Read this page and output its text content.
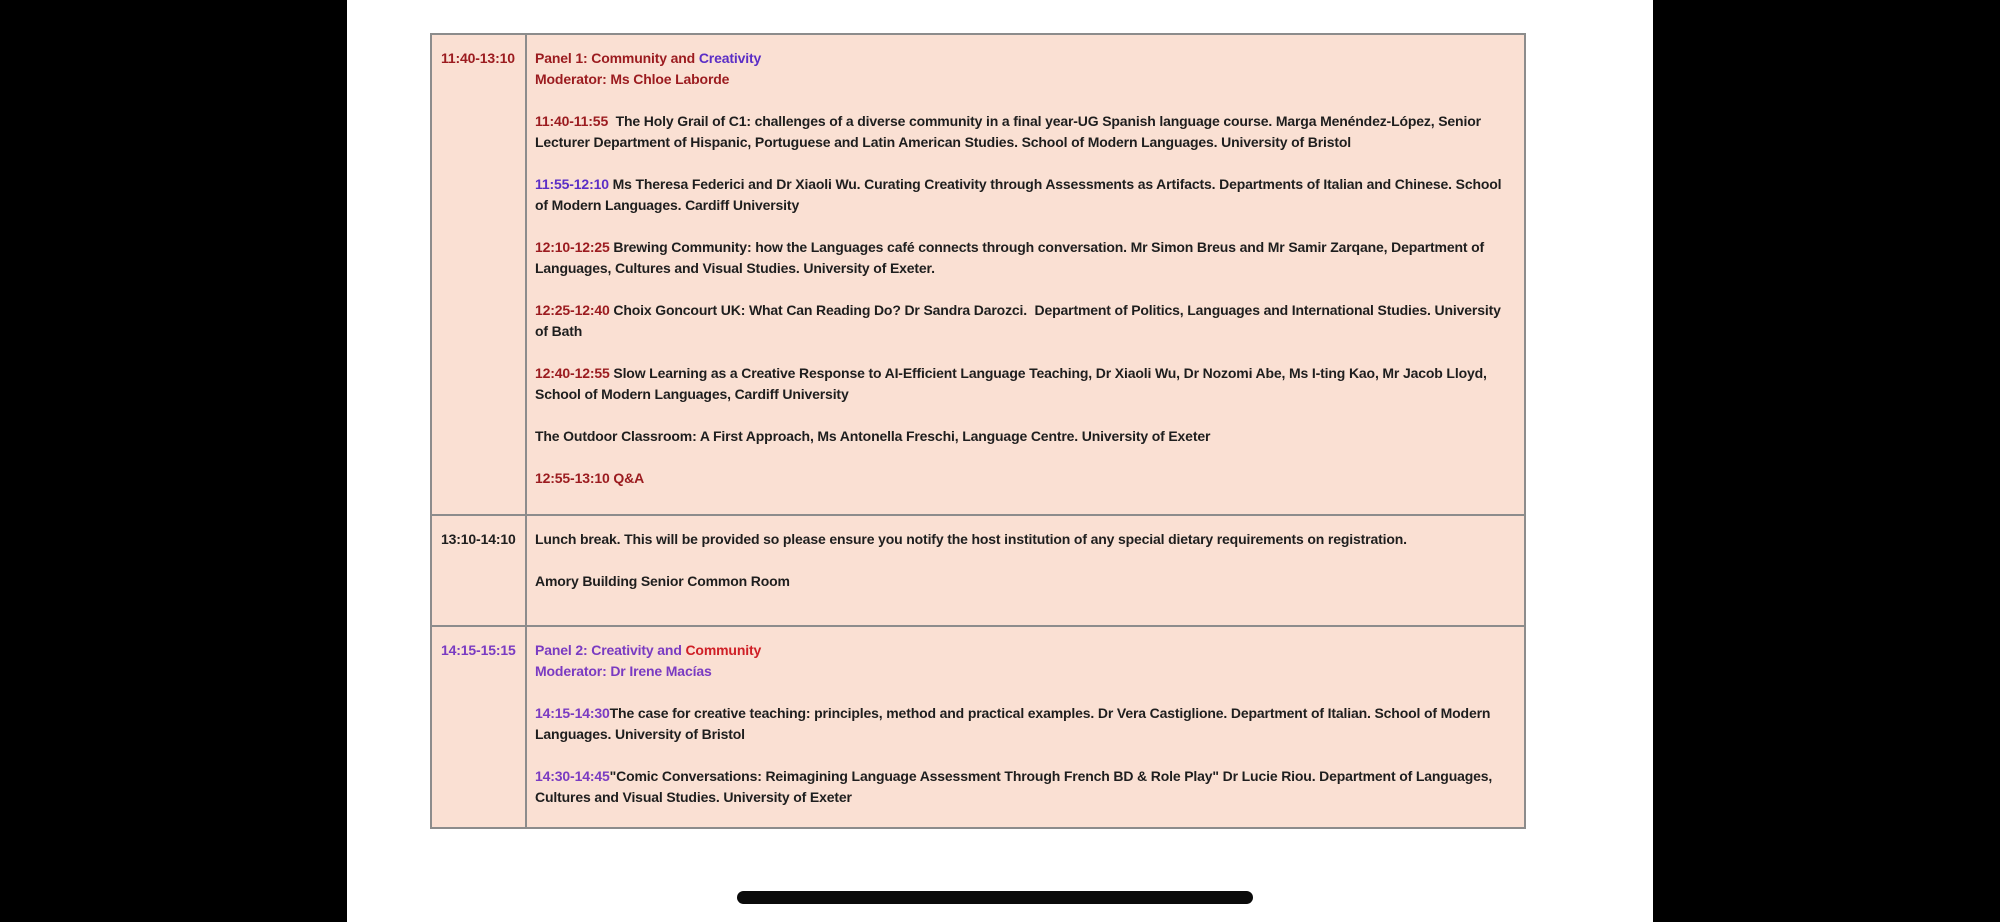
11:40-13:10	Panel 1: Community and Creativity
Moderator: Ms Chloe Laborde

11:40-11:55  The Holy Grail of C1: challenges of a diverse community in a final year-UG Spanish language course. Marga Menéndez-López, Senior Lecturer Department of Hispanic, Portuguese and Latin American Studies. School of Modern Languages. University of Bristol

11:55-12:10 Ms Theresa Federici and Dr Xiaoli Wu. Curating Creativity through Assessments as Artifacts. Departments of Italian and Chinese. School of Modern Languages. Cardiff University

12:10-12:25 Brewing Community: how the Languages café connects through conversation. Mr Simon Breus and Mr Samir Zarqane, Department of Languages, Cultures and Visual Studies. University of Exeter.

12:25-12:40 Choix Goncourt UK: What Can Reading Do? Dr Sandra Darozci.  Department of Politics, Languages and International Studies. University of Bath

12:40-12:55 Slow Learning as a Creative Response to AI-Efficient Language Teaching, Dr Xiaoli Wu, Dr Nozomi Abe, Ms I-ting Kao, Mr Jacob Lloyd, School of Modern Languages, Cardiff University

The Outdoor Classroom: A First Approach, Ms Antonella Freschi, Language Centre. University of Exeter

12:55-13:10 Q&A

13:10-14:10	Lunch break. This will be provided so please ensure you notify the host institution of any special dietary requirements on registration.

Amory Building Senior Common Room

14:15-15:15	Panel 2: Creativity and Community
Moderator: Dr Irene Macías

14:15-14:30The case for creative teaching: principles, method and practical examples. Dr Vera Castiglione. Department of Italian. School of Modern Languages. University of Bristol

14:30-14:45"Comic Conversations: Reimagining Language Assessment Through French BD & Role Play" Dr Lucie Riou. Department of Languages, Cultures and Visual Studies. University of Exeter
